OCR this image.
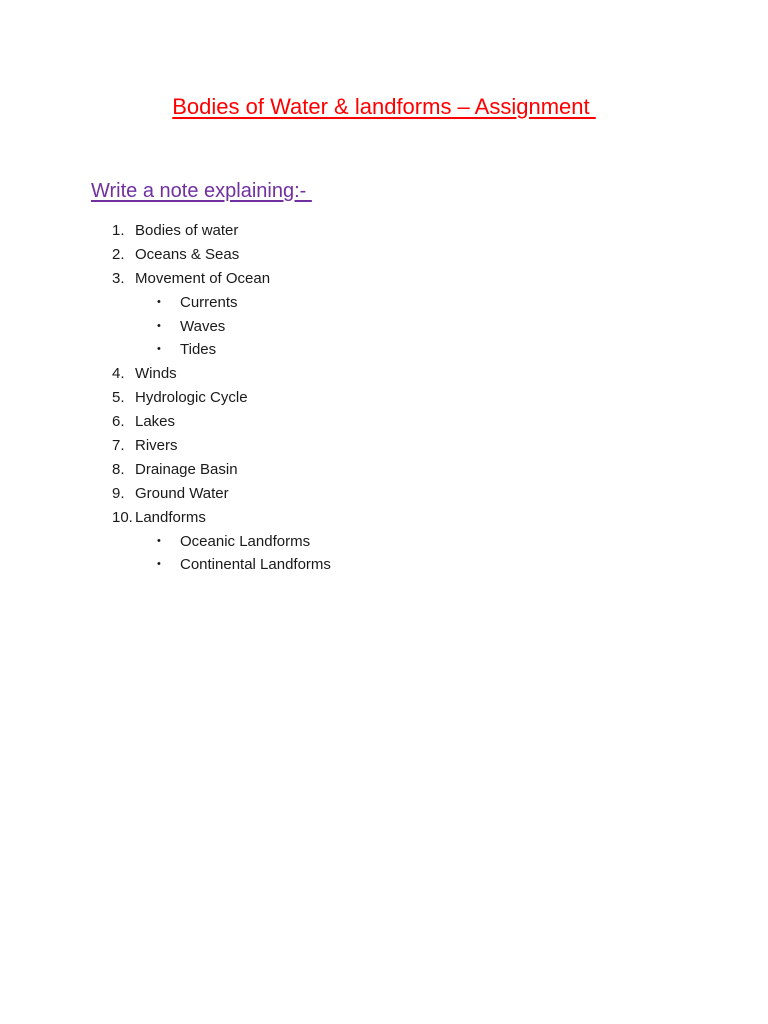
Bodies of Water & landforms – Assignment
Write a note explaining:-
1. Bodies of water
2. Oceans & Seas
3. Movement of Ocean
• Currents
• Waves
• Tides
4. Winds
5. Hydrologic Cycle
6. Lakes
7. Rivers
8. Drainage Basin
9. Ground Water
10. Landforms
• Oceanic Landforms
• Continental Landforms
